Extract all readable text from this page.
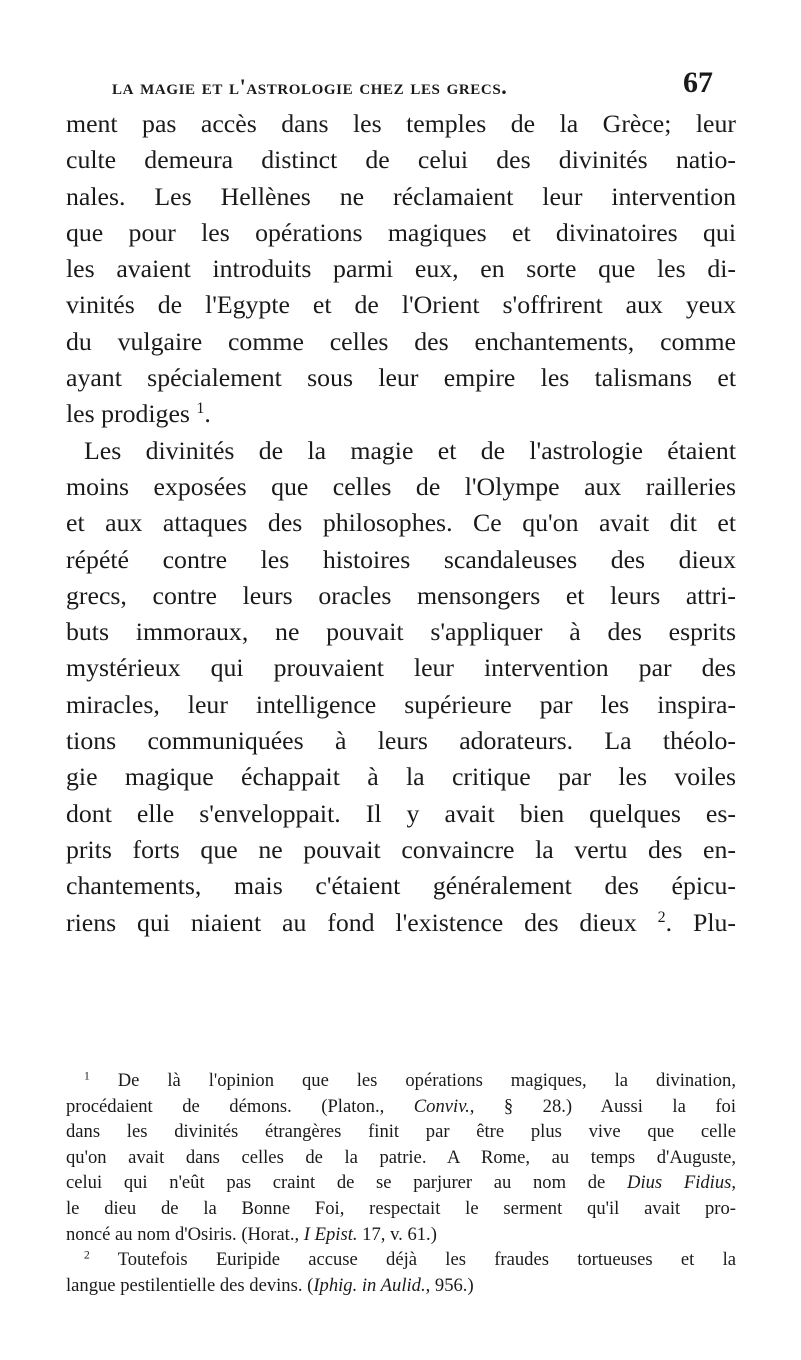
la magie et l'astrologie chez les grecs.	67
ment pas accès dans les temples de la Grèce; leur
culte demeura distinct de celui des divinités natio-
nales. Les Hellènes ne réclamaient leur intervention
que pour les opérations magiques et divinatoires qui
les avaient introduits parmi eux, en sorte que les di-
vinités de l'Egypte et de l'Orient s'offrirent aux yeux
du vulgaire comme celles des enchantements, comme
ayant spécialement sous leur empire les talismans et
les prodiges $^1$.
Les divinités de la magie et de l'astrologie étaient
moins exposées que celles de l'Olympe aux railleries
et aux attaques des philosophes. Ce qu'on avait dit et
répété contre les histoires scandaleuses des dieux
grecs, contre leurs oracles mensongers et leurs attri-
buts immoraux, ne pouvait s'appliquer à des esprits
mystérieux qui prouvaient leur intervention par des
miracles, leur intelligence supérieure par les inspira-
tions communiquées à leurs adorateurs. La théolo-
gie magique échappait à la critique par les voiles
dont elle s'enveloppait. Il y avait bien quelques es-
prits forts que ne pouvait convaincre la vertu des en-
chantements, mais c'étaient généralement des épicu-
riens qui niaient au fond l'existence des dieux $^2$. Plu-
$^1$ De là l'opinion que les opérations magiques, la divination,
procédaient de démons. (Platon., Conviv., § 28.) Aussi la foi
dans les divinités étrangères finit par être plus vive que celle
qu'on avait dans celles de la patrie. A Rome, au temps d'Auguste,
celui qui n'eût pas craint de se parjurer au nom de Dius Fidius,
le dieu de la Bonne Foi, respectait le serment qu'il avait pro-
noncé au nom d'Osiris. (Horat., I Epist. 17, v. 61.)
$^2$ Toutefois Euripide accuse déjà les fraudes tortueuses et la
langue pestilentielle des devins. (Iphig. in Aulid., 956.)
